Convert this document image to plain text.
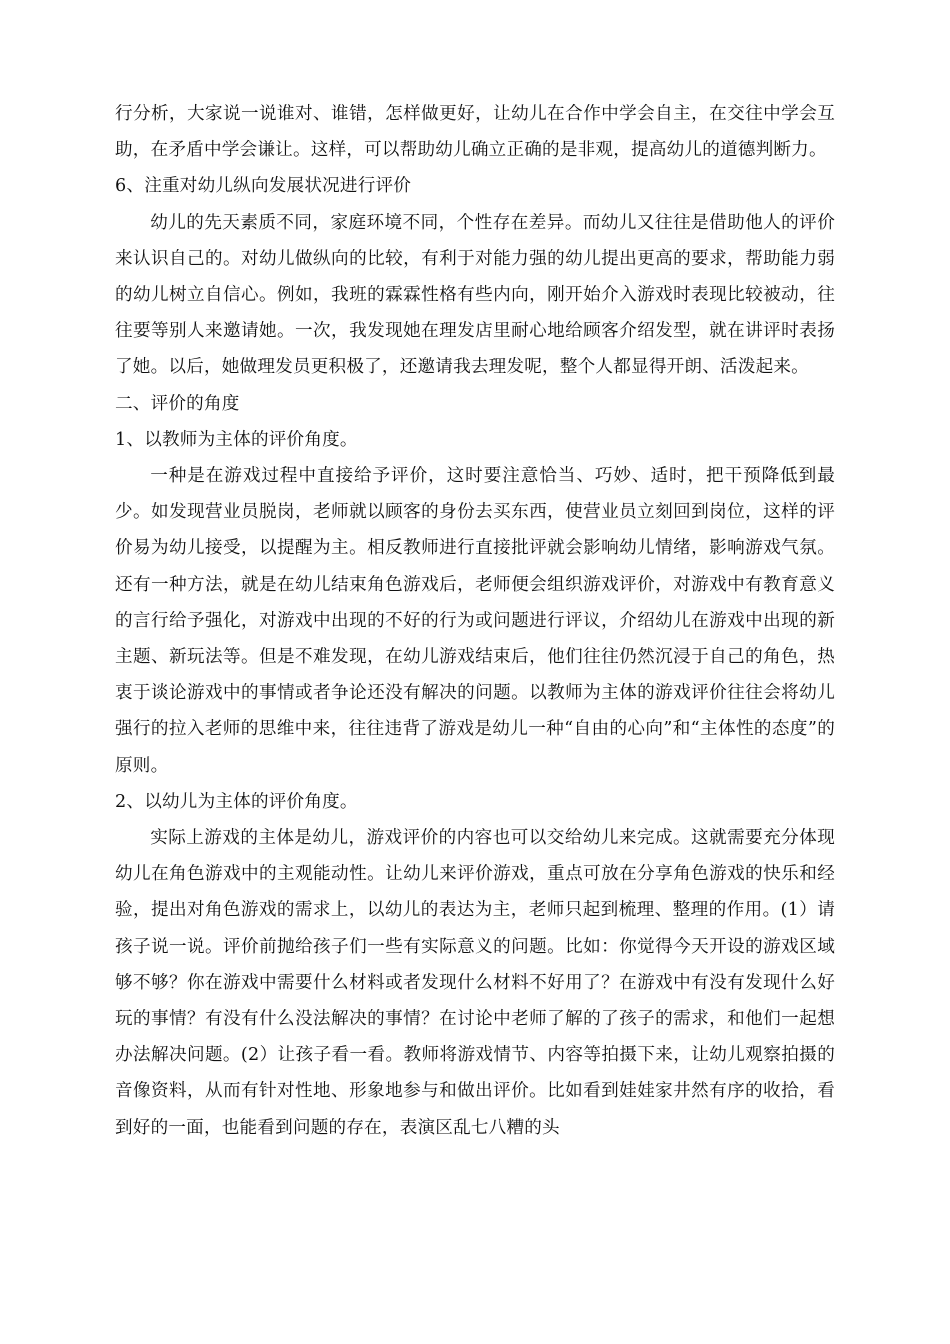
行分析，大家说一说谁对、谁错，怎样做更好，让幼儿在合作中学会自主，在交往中学会互助，在矛盾中学会谦让。这样，可以帮助幼儿确立正确的是非观，提高幼儿的道德判断力。

6、注重对幼儿纵向发展状况进行评价

幼儿的先天素质不同，家庭环境不同，个性存在差异。而幼儿又往往是借助他人的评价来认识自己的。对幼儿做纵向的比较，有利于对能力强的幼儿提出更高的要求，帮助能力弱的幼儿树立自信心。例如，我班的霖霖性格有些内向，刚开始介入游戏时表现比较被动，往往要等别人来邀请她。一次，我发现她在理发店里耐心地给顾客介绍发型，就在讲评时表扬了她。以后，她做理发员更积极了，还邀请我去理发呢，整个人都显得开朗、活泼起来。

二、评价的角度

1、以教师为主体的评价角度。

一种是在游戏过程中直接给予评价，这时要注意恰当、巧妙、适时，把干预降低到最少。如发现营业员脱岗，老师就以顾客的身份去买东西，使营业员立刻回到岗位，这样的评价易为幼儿接受，以提醒为主。相反教师进行直接批评就会影响幼儿情绪，影响游戏气氛。还有一种方法，就是在幼儿结束角色游戏后，老师便会组织游戏评价，对游戏中有教育意义的言行给予强化，对游戏中出现的不好的行为或问题进行评议，介绍幼儿在游戏中出现的新主题、新玩法等。但是不难发现，在幼儿游戏结束后，他们往往仍然沉浸于自己的角色，热衷于谈论游戏中的事情或者争论还没有解决的问题。以教师为主体的游戏评价往往会将幼儿强行的拉入老师的思维中来，往往违背了游戏是幼儿一种“自由的心向”和“主体性的态度”的原则。

2、以幼儿为主体的评价角度。

实际上游戏的主体是幼儿，游戏评价的内容也可以交给幼儿来完成。这就需要充分体现幼儿在角色游戏中的主观能动性。让幼儿来评价游戏，重点可放在分享角色游戏的快乐和经验，提出对角色游戏的需求上，以幼儿的表达为主，老师只起到梳理、整理的作用。(1）请孩子说一说。评价前抛给孩子们一些有实际意义的问题。比如：你觉得今天开设的游戏区域够不够？你在游戏中需要什么材料或者发现什么材料不好用了？在游戏中有没有发现什么好玩的事情？有没有什么没法解决的事情？在讨论中老师了解的了孩子的需求，和他们一起想办法解决问题。(2）让孩子看一看。教师将游戏情节、内容等拍摄下来，让幼儿观察拍摄的音像资料，从而有针对性地、形象地参与和做出评价。比如看到娃娃家井然有序的收拾，看到好的一面，也能看到问题的存在，表演区乱七八糟的头
